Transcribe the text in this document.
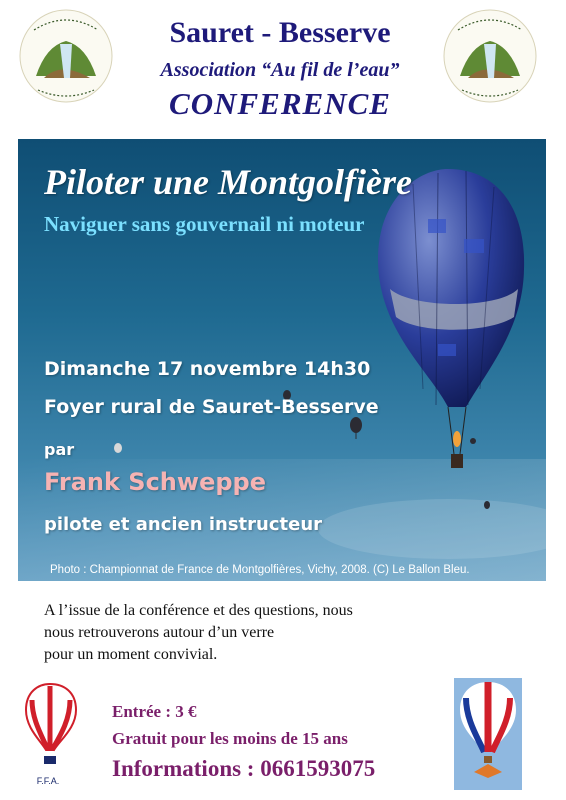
Sauret - Besserve
Association “Au fil de l’eau”
CONFERENCE
Piloter une Montgolfière
Naviguer sans gouvernail ni moteur
Dimanche 17 novembre 14h30
Foyer rural de Sauret-Besserve
par
Frank Schweppe
pilote et ancien instructeur
Photo : Championnat de France de Montgolfières, Vichy, 2008. (C) Le Ballon Bleu.
A l’issue de la conférence et des questions, nous
nous retrouverons autour d’un verre
pour un moment convivial.
F.F.A.
Entrée : 3 €
Gratuit pour les moins de 15 ans
Informations : 0661593075
